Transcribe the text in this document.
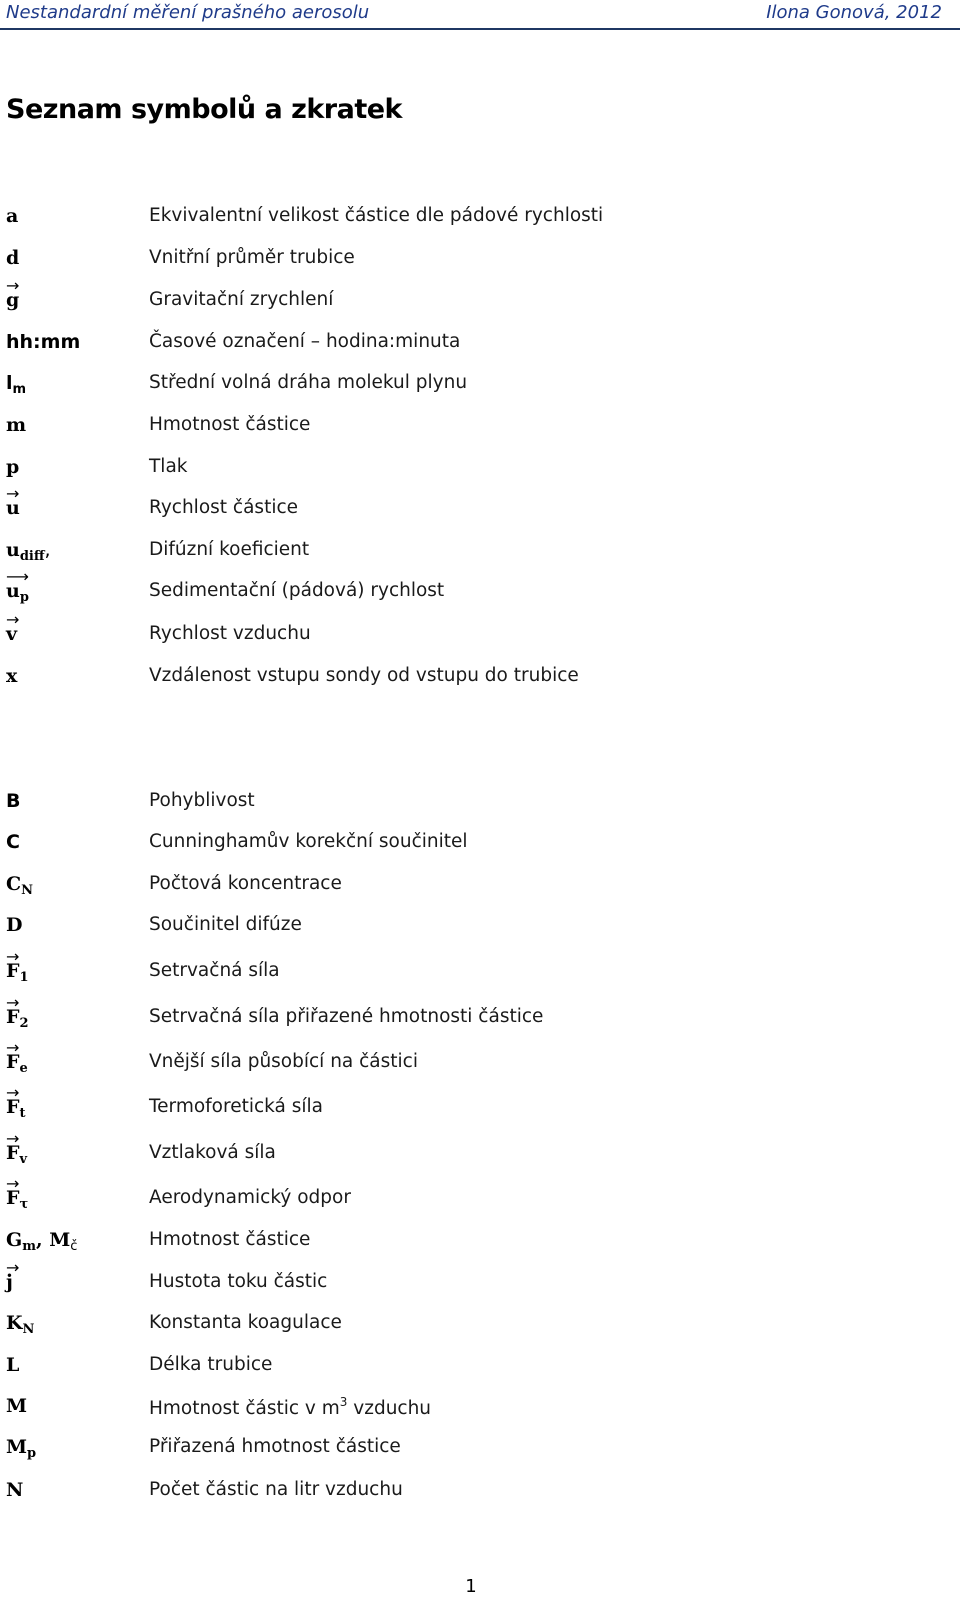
Nestandardní měření prašného aerosolu	Ilona Gonová, 2012
Seznam symbolů a zkratek
a	Ekvivalentní velikost částice dle pádové rychlosti
d	Vnitřní průměr trubice
→ g	Gravitační zrychlení
hh:mm	Časové označení – hodina:minuta
$l_m$	Střední volná dráha molekul plynu
m	Hmotnost částice
p	Tlak
→ u	Rychlost částice
$u_{diff}$,	Difúzní koeficient
⟶ $u_p$	Sedimentační (pádová) rychlost
→ v	Rychlost vzduchu
x	Vzdálenost vstupu sondy od vstupu do trubice
B	Pohyblivost
C	Cunninghamův korekční součinitel
$C_N$	Počtová koncentrace
D	Součinitel difúze
→ $F_1$	Setrvačná síla
→ $F_2$	Setrvačná síla přiřazené hmotnosti částice
→ $F_e$	Vnější síla působící na částici
→ $F_t$	Termoforetická síla
→ $F_v$	Vztlaková síla
→ $F_\tau$	Aerodynamický odpor
$G_m$, $M_č$	Hmotnost částice
→ j	Hustota toku částic
$K_N$	Konstanta koagulace
L	Délka trubice
M	Hmotnost částic v $m^3$ vzduchu
$M_p$	Přiřazená hmotnost částice
N	Počet částic na litr vzduchu
1
